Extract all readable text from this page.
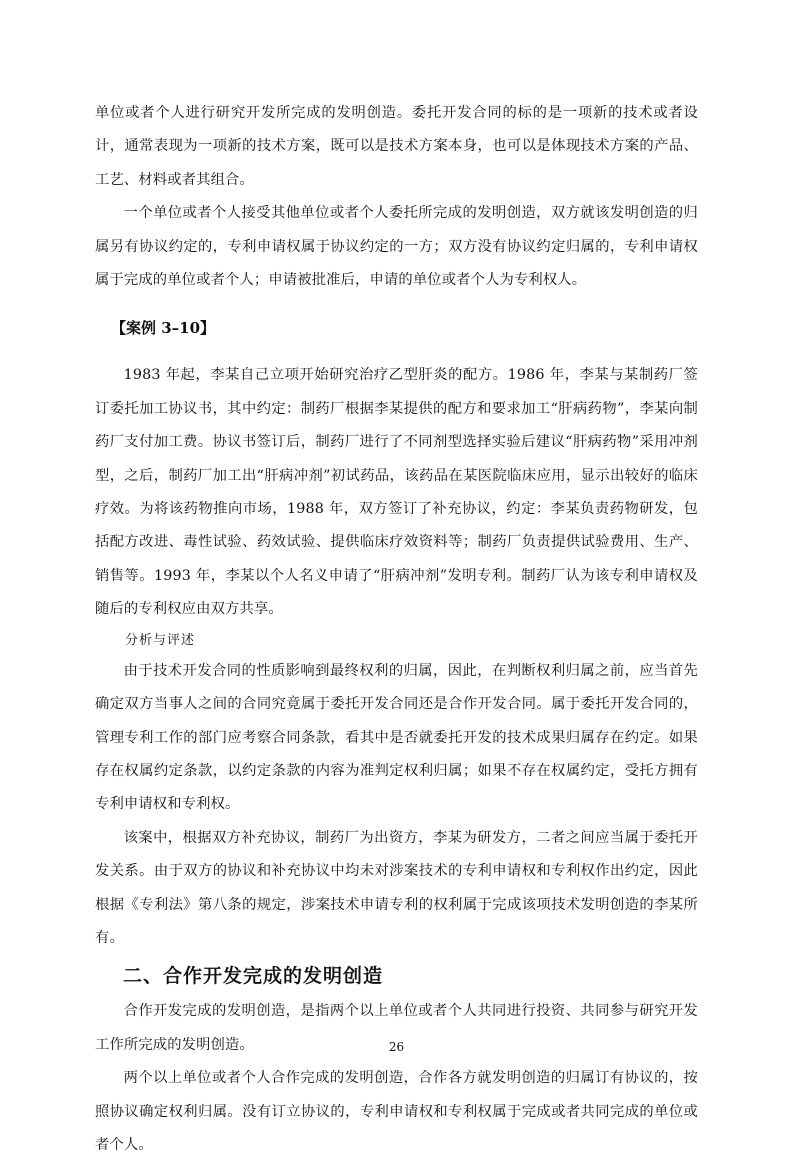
单位或者个人进行研究开发所完成的发明创造。委托开发合同的标的是一项新的技术或者设计，通常表现为一项新的技术方案，既可以是技术方案本身，也可以是体现技术方案的产品、工艺、材料或者其组合。

一个单位或者个人接受其他单位或者个人委托所完成的发明创造，双方就该发明创造的归属另有协议约定的，专利申请权属于协议约定的一方；双方没有协议约定归属的，专利申请权属于完成的单位或者个人；申请被批准后，申请的单位或者个人为专利权人。

【案例 3–10】

1983 年起，李某自己立项开始研究治疗乙型肝炎的配方。1986 年，李某与某制药厂签订委托加工协议书，其中约定：制药厂根据李某提供的配方和要求加工“肝病药物”，李某向制药厂支付加工费。协议书签订后，制药厂进行了不同剂型选择实验后建议“肝病药物”采用冲剂型，之后，制药厂加工出“肝病冲剂”初试药品，该药品在某医院临床应用，显示出较好的临床疗效。为将该药物推向市场，1988 年，双方签订了补充协议，约定：李某负责药物研发，包括配方改进、毒性试验、药效试验、提供临床疗效资料等；制药厂负责提供试验费用、生产、销售等。1993 年，李某以个人名义申请了“肝病冲剂”发明专利。制药厂认为该专利申请权及随后的专利权应由双方共享。

分析与评述

由于技术开发合同的性质影响到最终权利的归属，因此，在判断权利归属之前，应当首先确定双方当事人之间的合同究竟属于委托开发合同还是合作开发合同。属于委托开发合同的，管理专利工作的部门应考察合同条款，看其中是否就委托开发的技术成果归属存在约定。如果存在权属约定条款，以约定条款的内容为准判定权利归属；如果不存在权属约定，受托方拥有专利申请权和专利权。

该案中，根据双方补充协议，制药厂为出资方，李某为研发方，二者之间应当属于委托开发关系。由于双方的协议和补充协议中均未对涉案技术的专利申请权和专利权作出约定，因此根据《专利法》第八条的规定，涉案技术申请专利的权利属于完成该项技术发明创造的李某所有。

二、合作开发完成的发明创造

合作开发完成的发明创造，是指两个以上单位或者个人共同进行投资、共同参与研究开发工作所完成的发明创造。

两个以上单位或者个人合作完成的发明创造，合作各方就发明创造的归属订有协议的，按照协议确定权利归属。没有订立协议的，专利申请权和专利权属于完成或者共同完成的单位或者个人。

26
